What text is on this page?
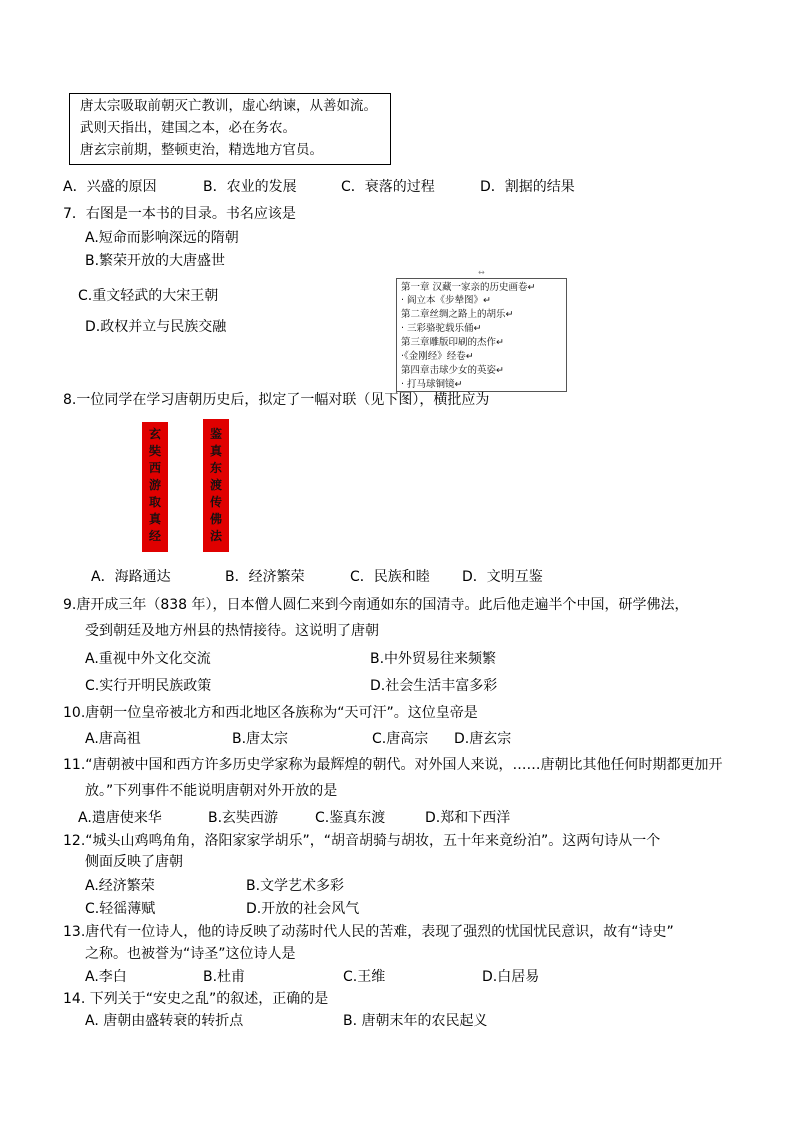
唐太宗吸取前朝灭亡教训，虚心纳谏，从善如流。
武则天指出，建国之本，必在务农。
唐玄宗前期，整顿吏治，精选地方官员。
A．兴盛的原因	B．农业的发展	C．衰落的过程	D．割据的结果
7．右图是一本书的目录。书名应该是
A.短命而影响深远的隋朝
B.繁荣开放的大唐盛世
C.重文轻武的大宋王朝
D.政权并立与民族交融
↔
第一章 汉藏一家亲的历史画卷↵
· 阎立本《步辇图》↵
第二章丝绸之路上的胡乐↵
· 三彩骆驼载乐俑↵
第三章雕版印刷的杰作↵
·《金刚经》经卷↵
第四章击球少女的英姿↵
· 打马球铜镜↵
8.一位同学在学习唐朝历史后，拟定了一幅对联（见下图），横批应为
玄
奘
西
游
取
真
经
鉴
真
东
渡
传
佛
法
A．海路通达	B．经济繁荣	C．民族和睦 D．文明互鉴
9.唐开成三年（838 年），日本僧人圆仁来到今南通如东的国清寺。此后他走遍半个中国，研学佛法，
受到朝廷及地方州县的热情接待。这说明了唐朝
A.重视中外文化交流	B.中外贸易往来频繁
C.实行开明民族政策	D.社会生活丰富多彩
10.唐朝一位皇帝被北方和西北地区各族称为“天可汗”。这位皇帝是
A.唐高祖	B.唐太宗	C.唐高宗 D.唐玄宗
11.“唐朝被中国和西方许多历史学家称为最辉煌的朝代。对外国人来说，……唐朝比其他任何时期都更加开
放。”下列事件不能说明唐朝对外开放的是
A.遣唐使来华	B.玄奘西游	C.鉴真东渡	D.郑和下西洋
12.“城头山鸡鸣角角，洛阳家家学胡乐”，“胡音胡骑与胡妆，五十年来竟纷泊”。这两句诗从一个
侧面反映了唐朝
A.经济繁荣	B.文学艺术多彩
C.轻徭薄赋	D.开放的社会风气
13.唐代有一位诗人，他的诗反映了动荡时代人民的苦难，表现了强烈的忧国忧民意识，故有“诗史”
之称。也被誉为“诗圣”这位诗人是
A.李白	B.杜甫	C.王维	D.白居易
14. 下列关于“安史之乱”的叙述，正确的是
A. 唐朝由盛转衰的转折点	B. 唐朝末年的农民起义
